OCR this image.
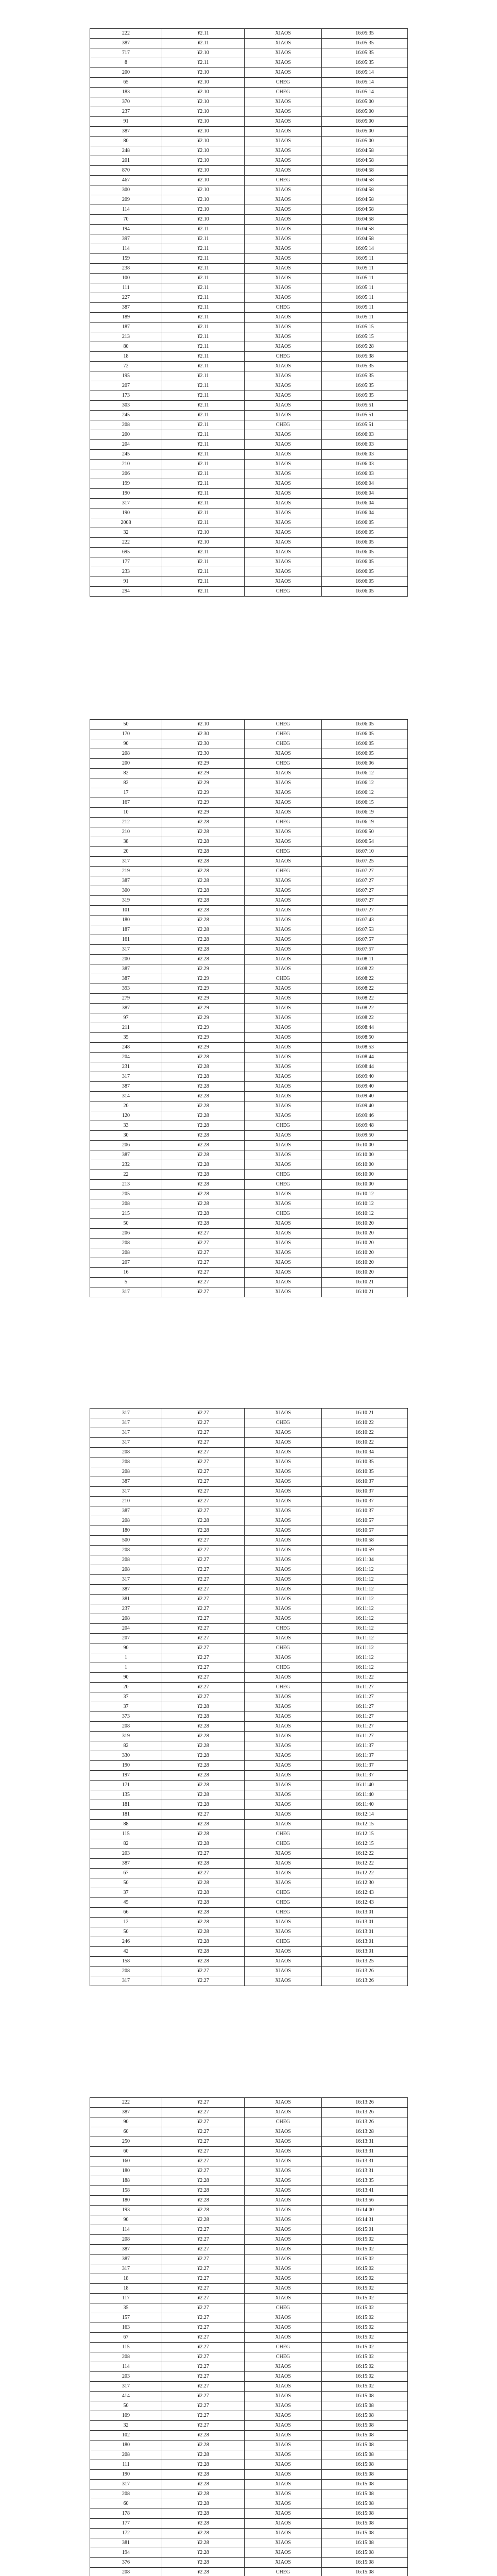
222	¥2.11	XIAOS	16:05:35
387	¥2.11	XIAOS	16:05:35
717	¥2.10	XIAOS	16:05:35
8	¥2.11	XIAOS	16:05:35
200	¥2.10	XIAOS	16:05:14
65	¥2.10	CHEG	16:05:14
183	¥2.10	CHEG	16:05:14
370	¥2.10	XIAOS	16:05:00
237	¥2.10	XIAOS	16:05:00
91	¥2.10	XIAOS	16:05:00
387	¥2.10	XIAOS	16:05:00
80	¥2.10	XIAOS	16:05:00
248	¥2.10	XIAOS	16:04:58
201	¥2.10	XIAOS	16:04:58
870	¥2.10	XIAOS	16:04:58
467	¥2.10	CHEG	16:04:58
300	¥2.10	XIAOS	16:04:58
209	¥2.10	XIAOS	16:04:58
114	¥2.10	XIAOS	16:04:58
70	¥2.10	XIAOS	16:04:58
194	¥2.11	XIAOS	16:04:58
397	¥2.11	XIAOS	16:04:58
114	¥2.11	XIAOS	16:05:14
159	¥2.11	XIAOS	16:05:11
238	¥2.11	XIAOS	16:05:11
100	¥2.11	XIAOS	16:05:11
111	¥2.11	XIAOS	16:05:11
227	¥2.11	XIAOS	16:05:11
387	¥2.11	CHEG	16:05:11
189	¥2.11	XIAOS	16:05:11
187	¥2.11	XIAOS	16:05:15
213	¥2.11	XIAOS	16:05:15
80	¥2.11	XIAOS	16:05:28
18	¥2.11	CHEG	16:05:38
72	¥2.11	XIAOS	16:05:35
195	¥2.11	XIAOS	16:05:35
207	¥2.11	XIAOS	16:05:35
173	¥2.11	XIAOS	16:05:35
303	¥2.11	XIAOS	16:05:51
245	¥2.11	XIAOS	16:05:51
208	¥2.11	CHEG	16:05:51
200	¥2.11	XIAOS	16:06:03
204	¥2.11	XIAOS	16:06:03
245	¥2.11	XIAOS	16:06:03
210	¥2.11	XIAOS	16:06:03
206	¥2.11	XIAOS	16:06:03
199	¥2.11	XIAOS	16:06:04
190	¥2.11	XIAOS	16:06:04
317	¥2.11	XIAOS	16:06:04
190	¥2.11	XIAOS	16:06:04
2008	¥2.11	XIAOS	16:06:05
32	¥2.10	XIAOS	16:06:05
222	¥2.10	XIAOS	16:06:05
695	¥2.11	XIAOS	16:06:05
177	¥2.11	XIAOS	16:06:05
233	¥2.11	XIAOS	16:06:05
91	¥2.11	XIAOS	16:06:05
294	¥2.11	CHEG	16:06:05
50	¥2.10	CHEG	16:06:05
170	¥2.30	CHEG	16:06:05
90	¥2.30	CHEG	16:06:05
208	¥2.30	XIAOS	16:06:05
200	¥2.29	CHEG	16:06:06
82	¥2.29	XIAOS	16:06:12
82	¥2.29	XIAOS	16:06:12
17	¥2.29	XIAOS	16:06:12
167	¥2.29	XIAOS	16:06:15
10	¥2.29	XIAOS	16:06:19
212	¥2.28	CHEG	16:06:19
210	¥2.28	XIAOS	16:06:50
38	¥2.28	XIAOS	16:06:54
20	¥2.28	CHEG	16:07:10
317	¥2.28	XIAOS	16:07:25
219	¥2.28	CHEG	16:07:27
387	¥2.28	XIAOS	16:07:27
300	¥2.28	XIAOS	16:07:27
319	¥2.28	XIAOS	16:07:27
101	¥2.28	XIAOS	16:07:27
180	¥2.28	XIAOS	16:07:43
187	¥2.28	XIAOS	16:07:53
161	¥2.28	XIAOS	16:07:57
317	¥2.28	XIAOS	16:07:57
200	¥2.28	XIAOS	16:08:11
387	¥2.29	XIAOS	16:08:22
387	¥2.29	CHEG	16:08:22
393	¥2.29	XIAOS	16:08:22
279	¥2.29	XIAOS	16:08:22
387	¥2.29	XIAOS	16:08:22
97	¥2.29	XIAOS	16:08:22
211	¥2.29	XIAOS	16:08:44
35	¥2.29	XIAOS	16:08:50
248	¥2.29	XIAOS	16:08:53
204	¥2.28	XIAOS	16:08:44
231	¥2.28	XIAOS	16:08:44
317	¥2.28	XIAOS	16:09:40
387	¥2.28	XIAOS	16:09:40
314	¥2.28	XIAOS	16:09:40
20	¥2.28	XIAOS	16:09:40
120	¥2.28	XIAOS	16:09:46
33	¥2.28	CHEG	16:09:48
30	¥2.28	XIAOS	16:09:50
206	¥2.28	XIAOS	16:10:00
387	¥2.28	XIAOS	16:10:00
232	¥2.28	XIAOS	16:10:00
22	¥2.28	CHEG	16:10:00
213	¥2.28	CHEG	16:10:00
205	¥2.28	XIAOS	16:10:12
208	¥2.28	XIAOS	16:10:12
215	¥2.28	CHEG	16:10:12
50	¥2.28	XIAOS	16:10:20
206	¥2.27	XIAOS	16:10:20
208	¥2.27	XIAOS	16:10:20
208	¥2.27	XIAOS	16:10:20
207	¥2.27	XIAOS	16:10:20
16	¥2.27	XIAOS	16:10:20
5	¥2.27	XIAOS	16:10:21
317	¥2.27	XIAOS	16:10:21
317	¥2.27	XIAOS	16:10:21
317	¥2.27	CHEG	16:10:22
317	¥2.27	XIAOS	16:10:22
317	¥2.27	XIAOS	16:10:22
208	¥2.27	XIAOS	16:10:34
208	¥2.27	XIAOS	16:10:35
208	¥2.27	XIAOS	16:10:35
387	¥2.27	XIAOS	16:10:37
317	¥2.27	XIAOS	16:10:37
210	¥2.27	XIAOS	16:10:37
387	¥2.27	XIAOS	16:10:37
208	¥2.28	XIAOS	16:10:57
180	¥2.28	XIAOS	16:10:57
500	¥2.27	XIAOS	16:10:58
208	¥2.27	XIAOS	16:10:59
208	¥2.27	XIAOS	16:11:04
208	¥2.27	XIAOS	16:11:12
317	¥2.27	XIAOS	16:11:12
387	¥2.27	XIAOS	16:11:12
381	¥2.27	XIAOS	16:11:12
237	¥2.27	XIAOS	16:11:12
208	¥2.27	XIAOS	16:11:12
204	¥2.27	CHEG	16:11:12
207	¥2.27	XIAOS	16:11:12
90	¥2.27	CHEG	16:11:12
1	¥2.27	XIAOS	16:11:12
1	¥2.27	CHEG	16:11:12
90	¥2.27	XIAOS	16:11:22
20	¥2.27	CHEG	16:11:27
37	¥2.27	XIAOS	16:11:27
37	¥2.28	XIAOS	16:11:27
373	¥2.28	XIAOS	16:11:27
208	¥2.28	XIAOS	16:11:27
319	¥2.28	XIAOS	16:11:27
82	¥2.28	XIAOS	16:11:37
330	¥2.28	XIAOS	16:11:37
190	¥2.28	XIAOS	16:11:37
197	¥2.28	XIAOS	16:11:37
171	¥2.28	XIAOS	16:11:40
135	¥2.28	XIAOS	16:11:40
181	¥2.28	XIAOS	16:11:40
181	¥2.27	XIAOS	16:12:14
88	¥2.28	XIAOS	16:12:15
115	¥2.28	CHEG	16:12:15
82	¥2.28	CHEG	16:12:15
203	¥2.27	XIAOS	16:12:22
387	¥2.28	XIAOS	16:12:22
67	¥2.27	XIAOS	16:12:22
50	¥2.28	XIAOS	16:12:30
37	¥2.28	CHEG	16:12:43
45	¥2.28	CHEG	16:12:43
66	¥2.28	CHEG	16:13:01
12	¥2.28	XIAOS	16:13:01
50	¥2.28	XIAOS	16:13:01
246	¥2.28	CHEG	16:13:01
42	¥2.28	XIAOS	16:13:01
158	¥2.28	XIAOS	16:13:25
208	¥2.27	XIAOS	16:13:26
317	¥2.27	XIAOS	16:13:26
222	¥2.27	XIAOS	16:13:26
387	¥2.27	XIAOS	16:13:26
90	¥2.27	CHEG	16:13:26
60	¥2.27	XIAOS	16:13:28
250	¥2.27	XIAOS	16:13:31
60	¥2.27	XIAOS	16:13:31
160	¥2.27	XIAOS	16:13:31
180	¥2.27	XIAOS	16:13:31
188	¥2.28	XIAOS	16:13:35
158	¥2.28	XIAOS	16:13:41
180	¥2.28	XIAOS	16:13:56
193	¥2.28	XIAOS	16:14:00
90	¥2.28	XIAOS	16:14:31
114	¥2.27	XIAOS	16:15:01
208	¥2.27	XIAOS	16:15:02
387	¥2.27	XIAOS	16:15:02
387	¥2.27	XIAOS	16:15:02
317	¥2.27	XIAOS	16:15:02
18	¥2.27	XIAOS	16:15:02
18	¥2.27	XIAOS	16:15:02
117	¥2.27	XIAOS	16:15:02
35	¥2.27	CHEG	16:15:02
157	¥2.27	XIAOS	16:15:02
163	¥2.27	XIAOS	16:15:02
67	¥2.27	XIAOS	16:15:02
115	¥2.27	CHEG	16:15:02
208	¥2.27	CHEG	16:15:02
114	¥2.27	XIAOS	16:15:02
203	¥2.27	XIAOS	16:15:02
317	¥2.27	XIAOS	16:15:02
414	¥2.27	XIAOS	16:15:08
50	¥2.27	XIAOS	16:15:08
109	¥2.27	XIAOS	16:15:08
32	¥2.27	XIAOS	16:15:08
102	¥2.28	XIAOS	16:15:08
180	¥2.28	XIAOS	16:15:08
208	¥2.28	XIAOS	16:15:08
111	¥2.28	XIAOS	16:15:08
190	¥2.28	XIAOS	16:15:08
317	¥2.28	XIAOS	16:15:08
208	¥2.28	XIAOS	16:15:08
60	¥2.28	XIAOS	16:15:08
178	¥2.28	XIAOS	16:15:08
177	¥2.28	XIAOS	16:15:08
172	¥2.28	XIAOS	16:15:08
381	¥2.28	XIAOS	16:15:08
194	¥2.28	XIAOS	16:15:08
376	¥2.28	XIAOS	16:15:08
208	¥2.28	CHEG	16:15:08
